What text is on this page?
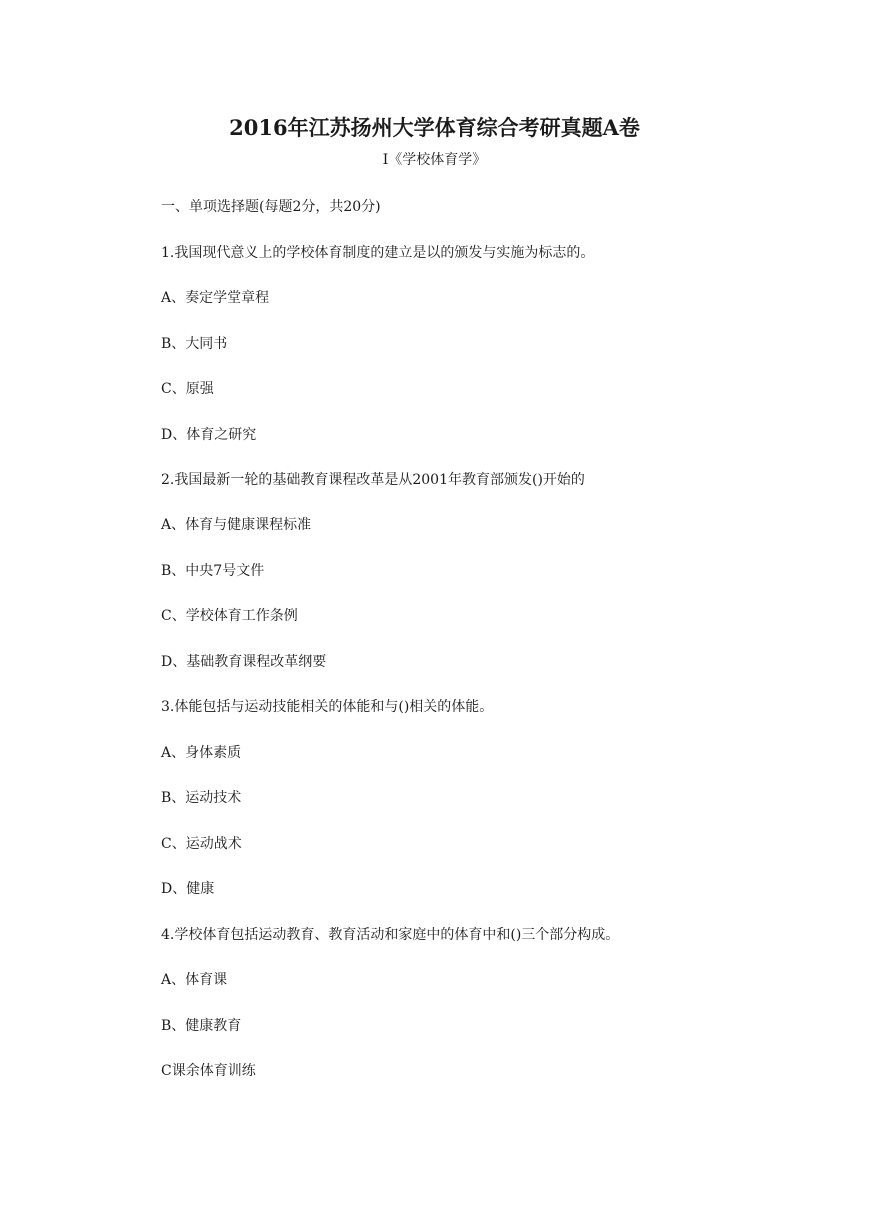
2016年江苏扬州大学体育综合考研真题A卷
I《学校体育学》
一、单项选择题(每题2分，共20分)
1.我国现代意义上的学校体育制度的建立是以的颁发与实施为标志的。
A、奏定学堂章程
B、大同书
C、原强
D、体育之研究
2.我国最新一轮的基础教育课程改革是从2001年教育部颁发()开始的
A、体育与健康课程标准
B、中央7号文件
C、学校体育工作条例
D、基础教育课程改革纲要
3.体能包括与运动技能相关的体能和与()相关的体能。
A、身体素质
B、运动技术
C、运动战术
D、健康
4.学校体育包括运动教育、教育活动和家庭中的体育中和()三个部分构成。
A、体育课
B、健康教育
C课余体育训练
